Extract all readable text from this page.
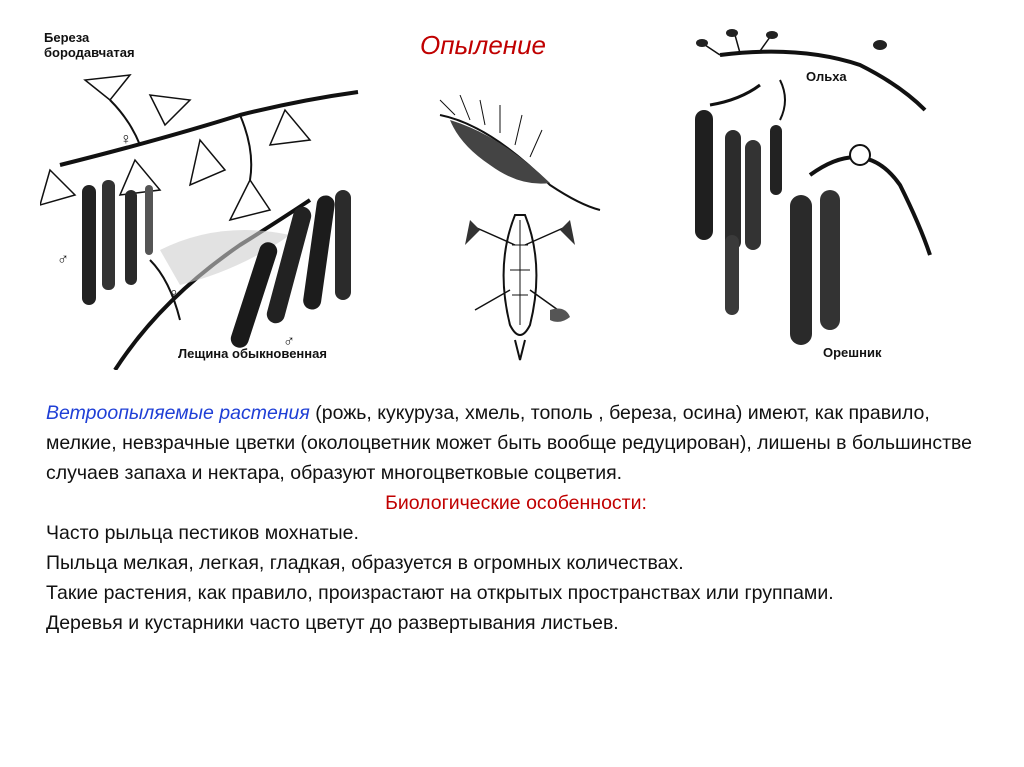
Опыление
Береза
бородавчатая
Лещина обыкновенная
♀
♂
♀
♂
Ольха
Орешник

Ветроопыляемые растения (рожь, кукуруза, хмель, тополь , береза, осина) имеют, как правило, мелкие, невзрачные цветки (околоцветник может быть вообще редуцирован), лишены в большинстве случаев запаха и нектара, образуют многоцветковые соцветия.

Биологические особенности:

Часто рыльца пестиков мохнатые.

Пыльца мелкая, легкая, гладкая, образуется в огромных количествах.

Такие растения, как правило, произрастают на открытых пространствах или группами.

Деревья и кустарники часто цветут до развертывания листьев.
